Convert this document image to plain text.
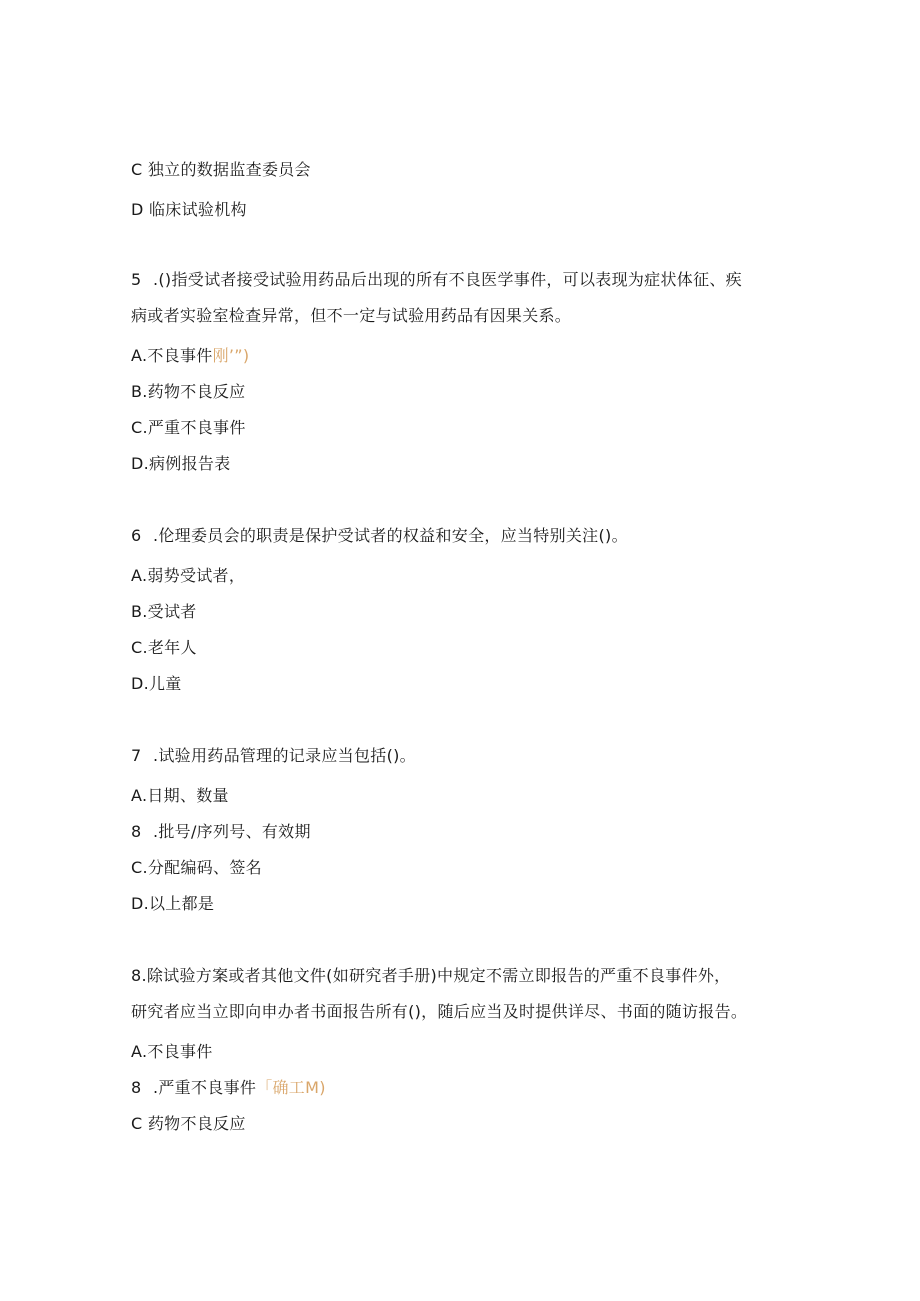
C 独立的数据监查委员会
D 临床试验机构
5 .()指受试者接受试验用药品后出现的所有不良医学事件，可以表现为症状体征、疾
病或者实验室检查异常，但不一定与试验用药品有因果关系。
A.不良事件刚’”)
B.药物不良反应
C.严重不良事件
D.病例报告表
6 .伦理委员会的职责是保护受试者的权益和安全，应当特别关注()。
A.弱势受试者，
B.受试者
C.老年人
D.儿童
7 .试验用药品管理的记录应当包括()。
A.日期、数量
8 .批号/序列号、有效期
C.分配编码、签名
D.以上都是
8.除试验方案或者其他文件(如研究者手册)中规定不需立即报告的严重不良事件外，
研究者应当立即向申办者书面报告所有()，随后应当及时提供详尽、书面的随访报告。
A.不良事件
8 .严重不良事件「确工M)
C 药物不良反应
